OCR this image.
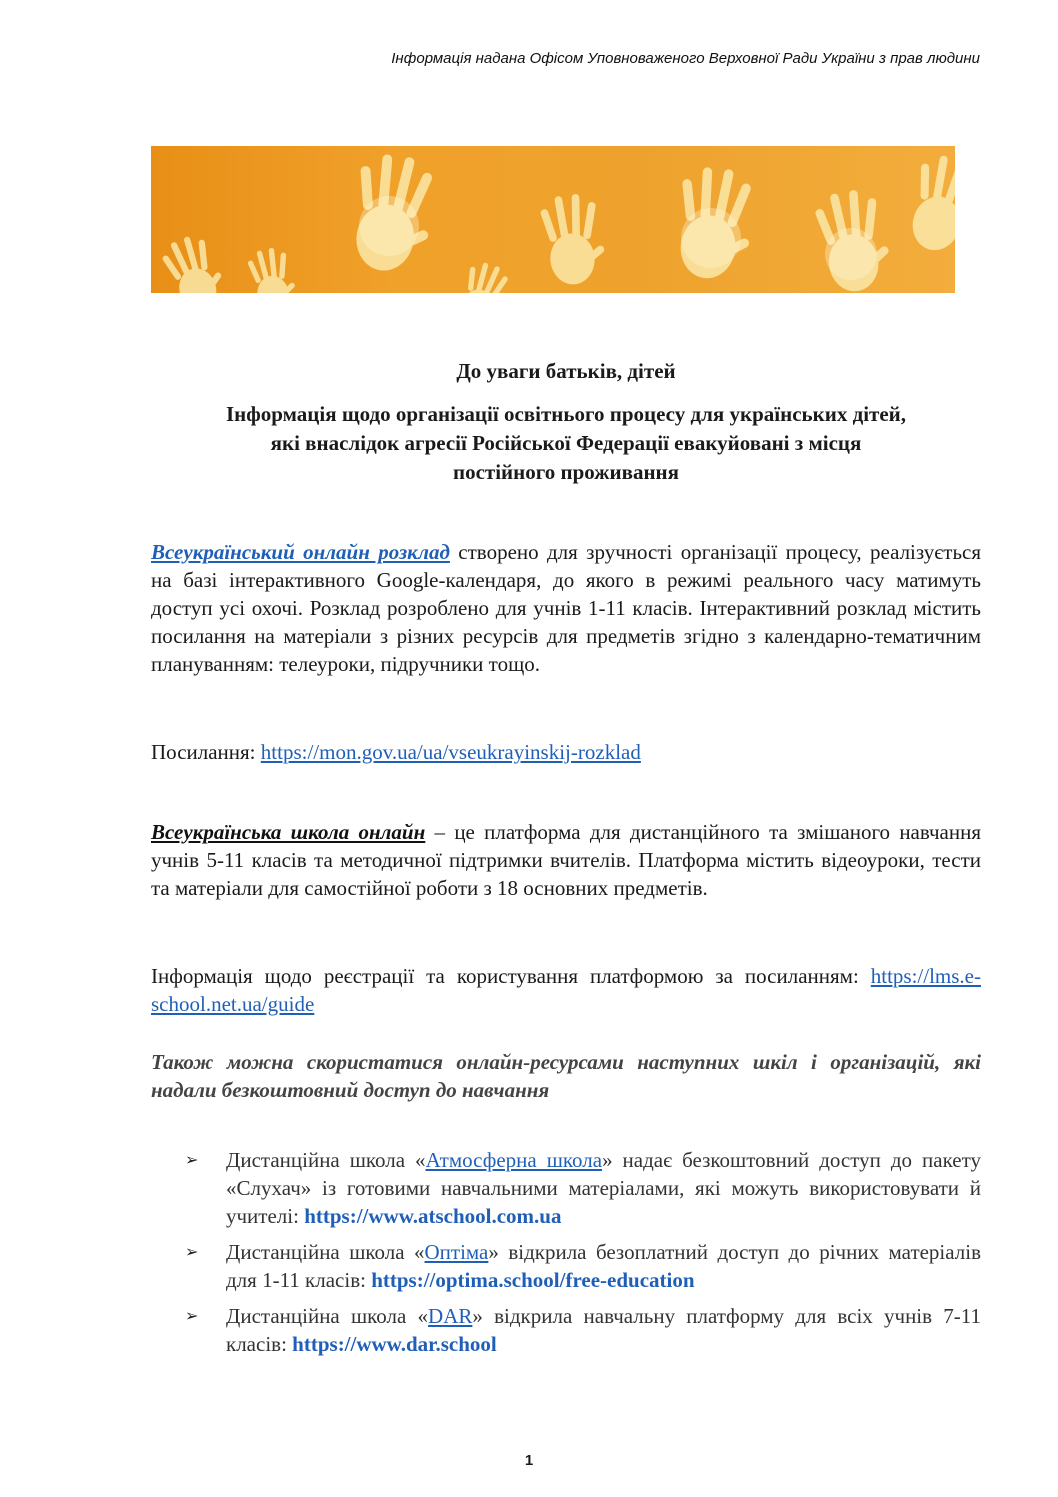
Інформація надана Офісом Уповноваженого Верховної Ради України з прав людини
До уваги батьків, дітей
Інформація щодо організації освітнього процесу для українських дітей,
які внаслідок агресії Російської Федерації евакуйовані з місця
постійного проживання
Всеукраїнський онлайн розклад створено для зручності організації процесу, реалізується на базі інтерактивного Google-календаря, до якого в режимі реального часу матимуть доступ усі охочі. Розклад розроблено для учнів 1-11 класів. Інтерактивний розклад містить посилання на матеріали з різних ресурсів для предметів згідно з календарно-тематичним плануванням: телеуроки, підручники тощо.
Посилання: https://mon.gov.ua/ua/vseukrayinskij-rozklad
Всеукраїнська школа онлайн – це платформа для дистанційного та змішаного навчання учнів 5-11 класів та методичної підтримки вчителів. Платформа містить відеоуроки, тести та матеріали для самостійної роботи з 18 основних предметів.
Інформація щодо реєстрації та користування платформою за посиланням: https://lms.e-school.net.ua/guide
Також можна скористатися онлайн-ресурсами наступних шкіл і організацій, які надали безкоштовний доступ до навчання
➢ Дистанційна школа «Атмосферна школа» надає безкоштовний доступ до пакету «Слухач» із готовими навчальними матеріалами, які можуть використовувати й учителі: https://www.atschool.com.ua
➢ Дистанційна школа «Оптіма» відкрила безоплатний доступ до річних матеріалів для 1-11 класів: https://optima.school/free-education
➢ Дистанційна школа «DAR» відкрила навчальну платформу для всіх учнів 7-11 класів: https://www.dar.school
1
